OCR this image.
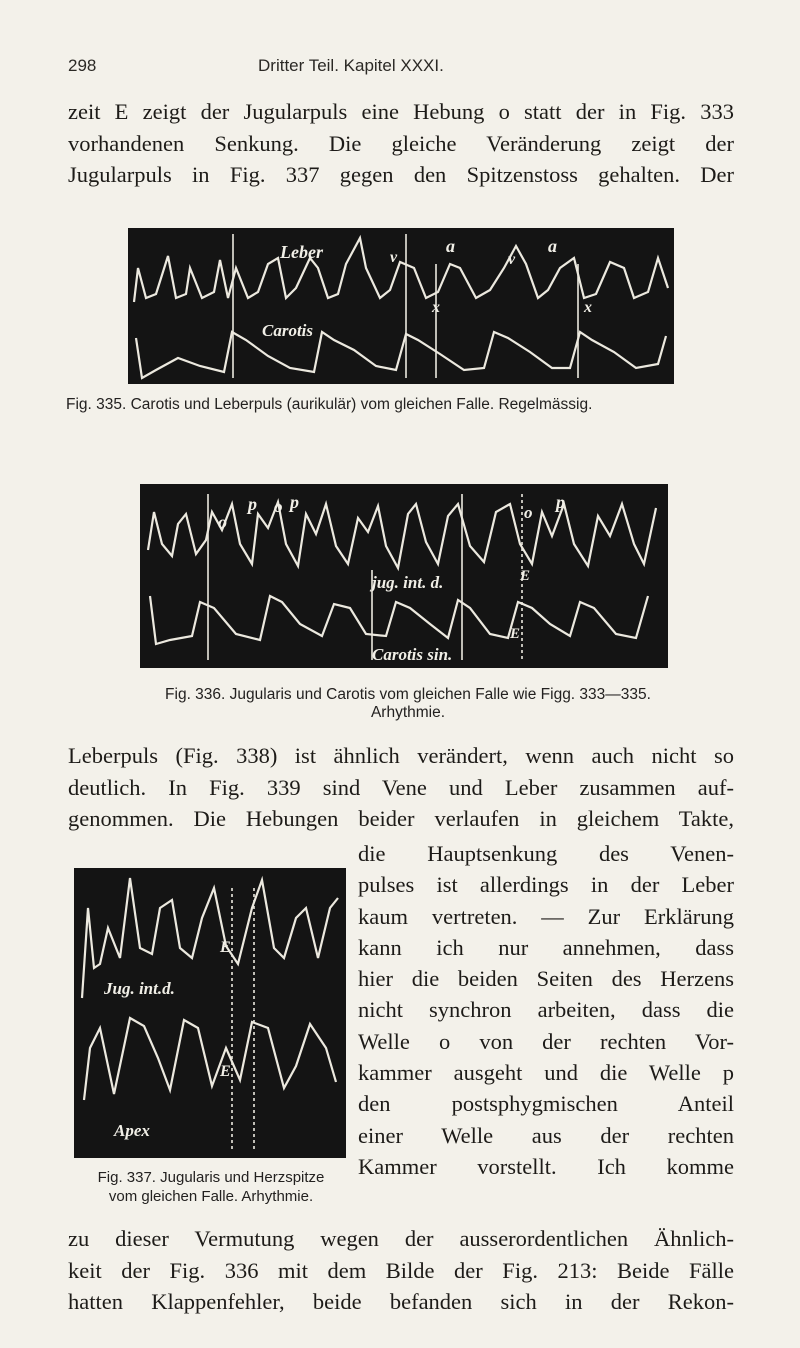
298	Dritter Teil. Kapitel XXXI.

zeit E zeigt der Jugularpuls eine Hebung o statt der in Fig. 333
vorhandenen Senkung. Die gleiche Veränderung zeigt der
Jugularpuls in Fig. 337 gegen den Spitzenstoss gehalten. Der

Leber
Carotis
a	a
v	v
x	x
Fig. 335. Carotis und Leberpuls (aurikulär) vom gleichen Falle. Regelmässig.
p p	p
o
o	o
E
E
jug. int. d.
Carotis sin.
Fig. 336. Jugularis und Carotis vom gleichen Falle wie Figg. 333—335.
Arhythmie.

Leberpuls (Fig. 338) ist ähnlich verändert, wenn auch nicht so
deutlich. In Fig. 339 sind Vene und Leber zusammen auf-
genommen. Die Hebungen beider verlaufen in gleichem Takte,

E
E
Jug. int.d.
Apex
Fig. 337. Jugularis und Herzspitze
vom gleichen Falle. Arhythmie.

die Hauptsenkung des Venen-
pulses ist allerdings in der Leber
kaum vertreten. — Zur Erklärung
kann ich nur annehmen, dass
hier die beiden Seiten des Herzens
nicht synchron arbeiten, dass die
Welle o von der rechten Vor-
kammer ausgeht und die Welle p
den postsphygmischen Anteil
einer Welle aus der rechten
Kammer vorstellt. Ich komme

zu dieser Vermutung wegen der ausserordentlichen Ähnlich-
keit der Fig. 336 mit dem Bilde der Fig. 213: Beide Fälle
hatten Klappenfehler, beide befanden sich in der Rekon-
